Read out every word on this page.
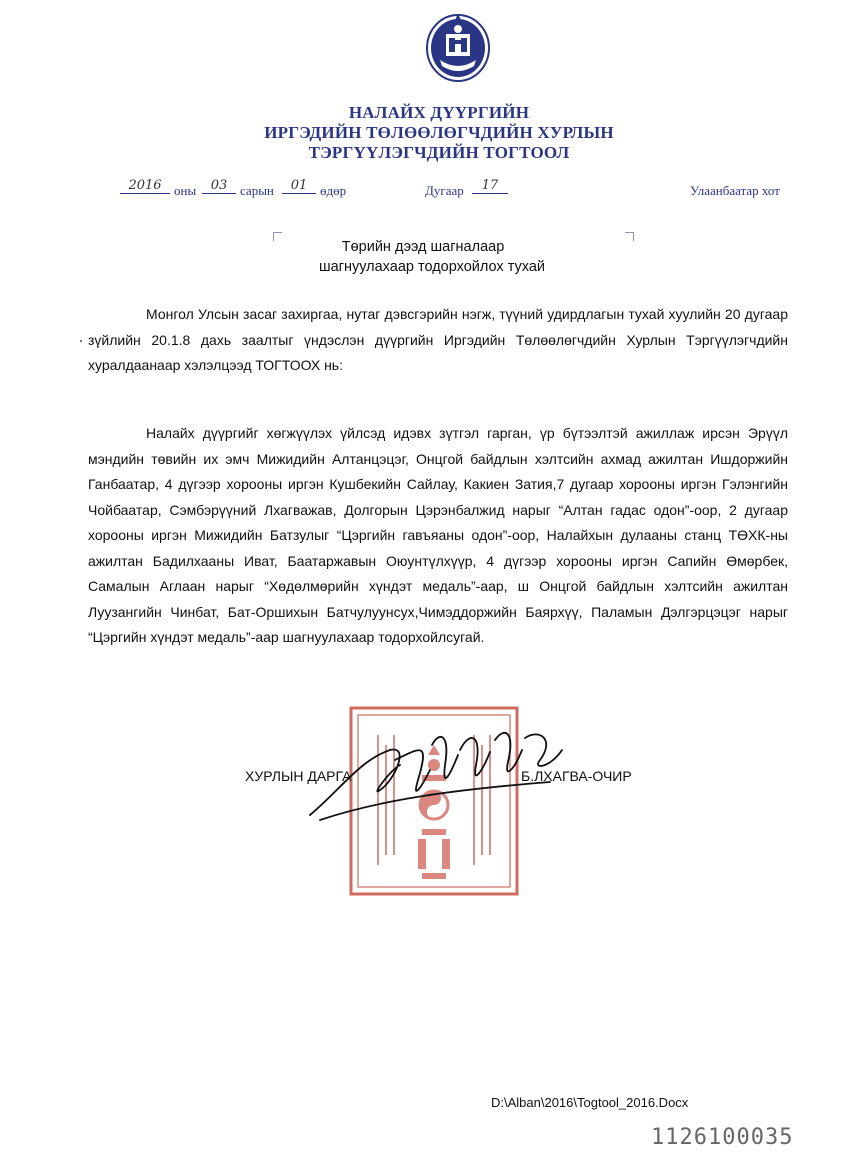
НАЛАЙХ ДҮҮРГИЙН
ИРГЭДИЙН ТӨЛӨӨЛӨГЧДИЙН ХУРЛЫН
ТЭРГҮҮЛЭГЧДИЙН ТОГТООЛ
2016 оны	03 сарын	01 өдөр	Дугаар	17	Улаанбаатар хот
Төрийн дээд шагналаар
шагнуулахаар тодорхойлох тухай
Монгол Улсын засаг захиргаа, нутаг дэвсгэрийн нэгж, түүний удирдлагын тухай хуулийн 20 дугаар зүйлийн 20.1.8 дахь заалтыг үндэслэн дүүргийн Иргэдийн Төлөөлөгчдийн Хурлын Тэргүүлэгчдийн хуралдаанаар хэлэлцээд ТОГТООХ нь:
Налайх дүүргийг хөгжүүлэх үйлсэд идэвх зүтгэл гарган, үр бүтээлтэй ажиллаж ирсэн Эрүүл мэндийн төвийн их эмч Мижидийн Алтанцэцэг, Онцгой байдлын хэлтсийн ахмад ажилтан Ишдоржийн Ганбаатар, 4 дүгээр хорооны иргэн Кушбекийн Сайлау, Какиен Затия,7 дугаар хорооны иргэн Гэлэнгийн Чойбаатар, Сэмбэрүүний Лхагважав, Долгорын Цэрэнбалжид нарыг “Алтан гадас одон”-оор, 2 дугаар хорооны иргэн Мижидийн Батзулыг “Цэргийн гавъяаны одон”-оор, Налайхын дулааны станц ТӨХК-ны ажилтан Бадилхааны Иват, Баатаржавын Оюунтүлхүүр, 4 дүгээр хорооны иргэн Сапийн Өмөрбек, Самалын Аглаан нарыг “Хөдөлмөрийн хүндэт медаль”-аар, ш Онцгой байдлын хэлтсийн ажилтан Луузангийн Чинбат, Бат-Оршихын Батчулуунсух,Чимэддоржийн Баярхүү, Паламын Дэлгэрцэцэг нарыг “Цэргийн хүндэт медаль”-аар шагнуулахаар тодорхойлсугай.
ХУРЛЫН ДАРГА	Б.ЛХАГВА-ОЧИР
D:\Alban\2016\Togtool_2016.Docx
1126100035
